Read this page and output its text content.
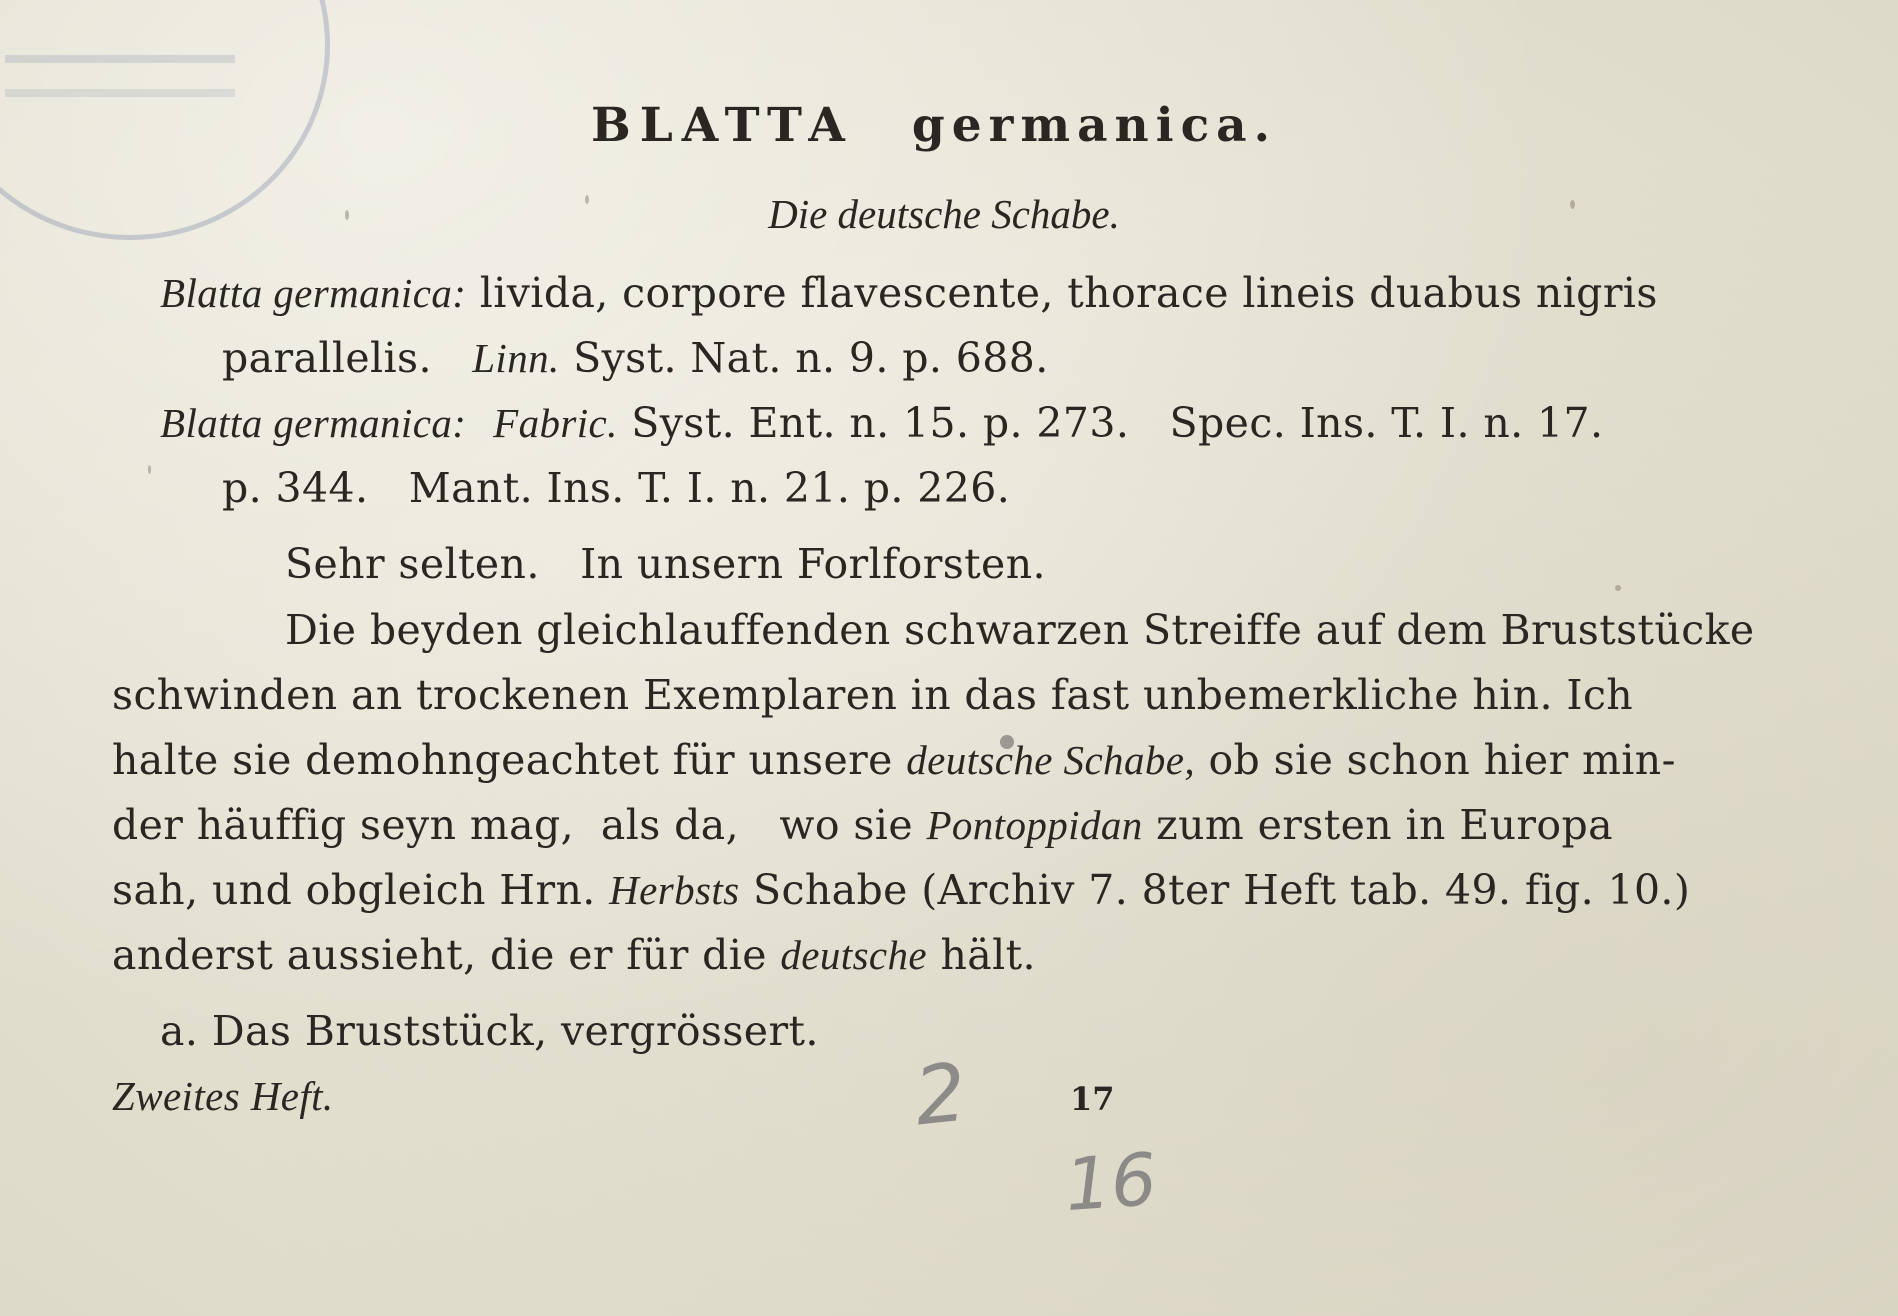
BLATTA germanica.
Die deutsche Schabe.
Blatta germanica: livida, corpore flavescente, thorace lineis duabus nigris
parallelis. Linn. Syst. Nat. n. 9. p. 688.
Blatta germanica: Fabric. Syst. Ent. n. 15. p. 273.   Spec. Ins. T. I. n. 17.
p. 344.   Mant. Ins. T. I. n. 21. p. 226.
Sehr selten.   In unsern Forlforsten.
Die beyden gleichlauffenden schwarzen Streiffe auf dem Bruststücke
schwinden an trockenen Exemplaren in das fast unbemerkliche hin. Ich
halte sie demohngeachtet für unsere deutsche Schabe, ob sie schon hier min-
der häuffig seyn mag,  als da,   wo sie Pontoppidan zum ersten in Europa
sah, und obgleich Hrn. Herbsts Schabe (Archiv 7. 8ter Heft tab. 49. fig. 10.)
anderst aussieht, die er für die deutsche hält.
a. Das Bruststück, vergrössert.
Zweites Heft.	2	17
16
